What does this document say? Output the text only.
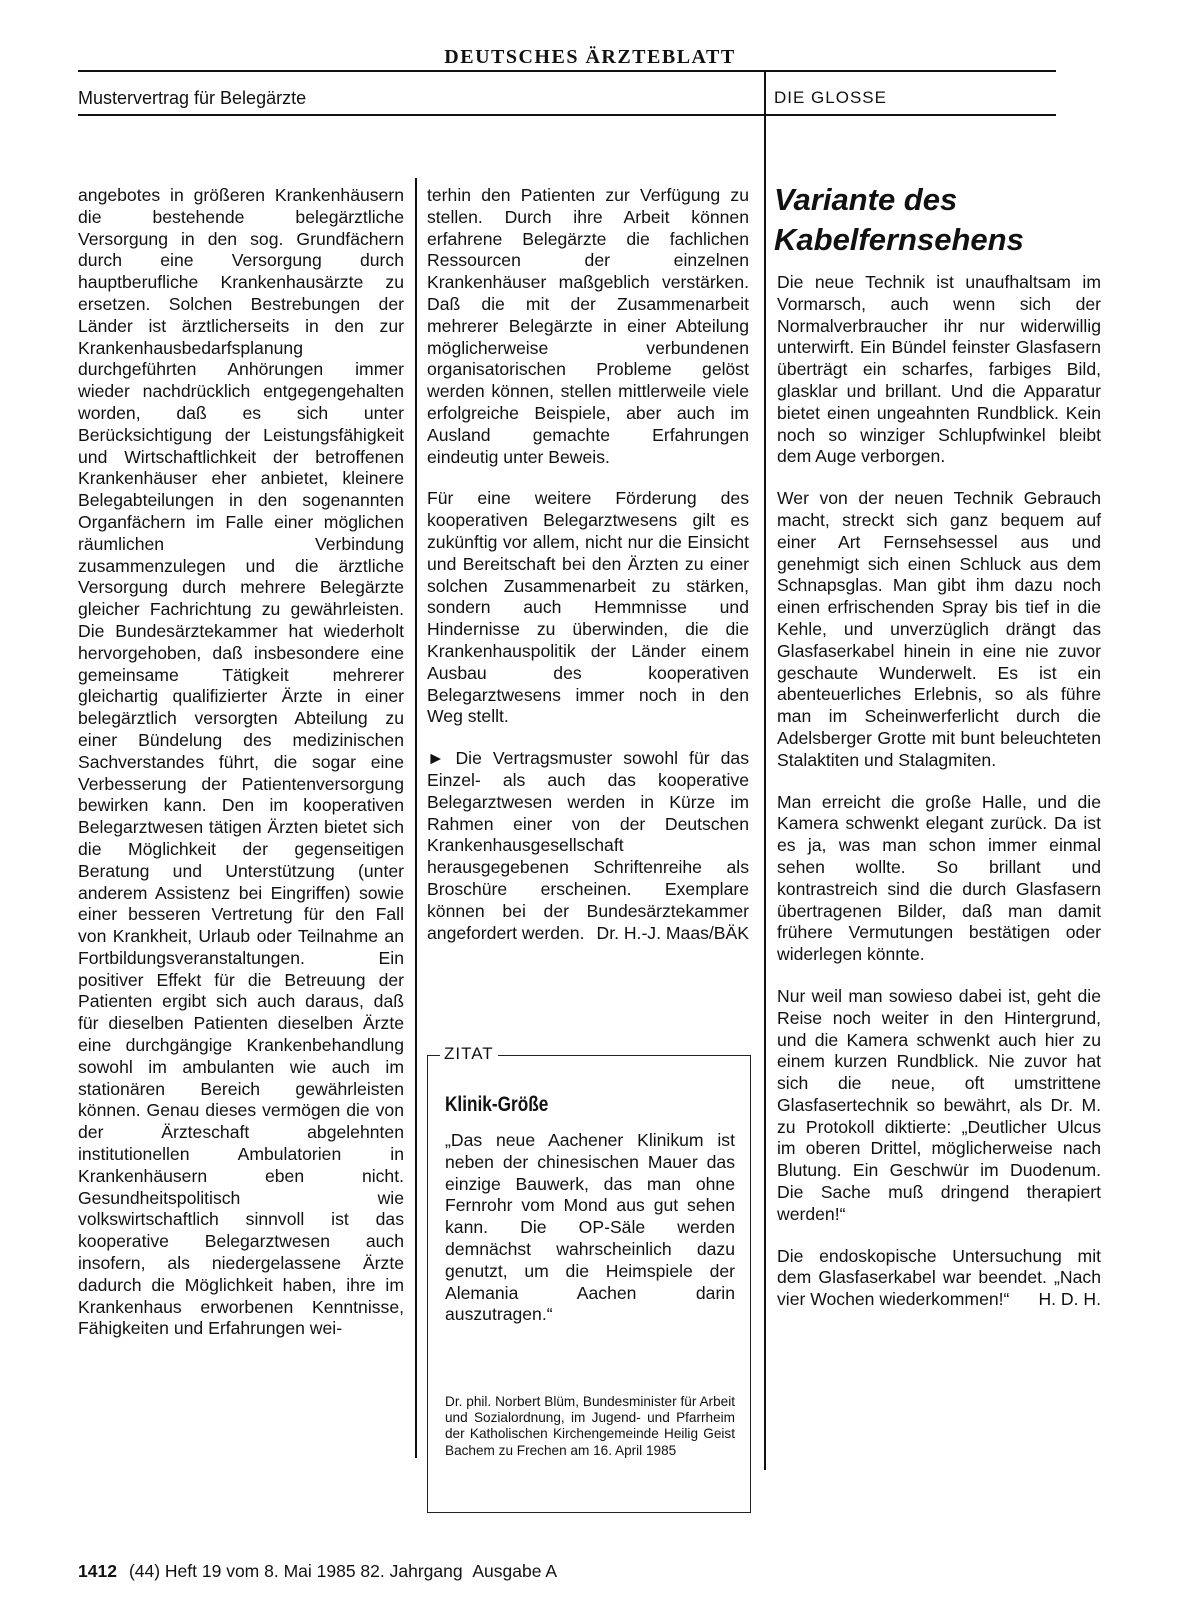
DEUTSCHES ÄRZTEBLATT
Mustervertrag für Belegärzte	DIE GLOSSE

angebotes in größeren Krankenhäusern die bestehende belegärztliche Versorgung in den sog. Grundfächern durch eine Versorgung durch hauptberufliche Krankenhausärzte zu ersetzen. Solchen Bestrebungen der Länder ist ärztlicherseits in den zur Krankenhausbedarfsplanung durchgeführten Anhörungen immer wieder nachdrücklich entgegengehalten worden, daß es sich unter Berücksichtigung der Leistungsfähigkeit und Wirtschaftlichkeit der betroffenen Krankenhäuser eher anbietet, kleinere Belegabteilungen in den sogenannten Organfächern im Falle einer möglichen räumlichen Verbindung zusammenzulegen und die ärztliche Versorgung durch mehrere Belegärzte gleicher Fachrichtung zu gewährleisten. Die Bundesärztekammer hat wiederholt hervorgehoben, daß insbesondere eine gemeinsame Tätigkeit mehrerer gleichartig qualifizierter Ärzte in einer belegärztlich versorgten Abteilung zu einer Bündelung des medizinischen Sachverstandes führt, die sogar eine Verbesserung der Patientenversorgung bewirken kann. Den im kooperativen Belegarztwesen tätigen Ärzten bietet sich die Möglichkeit der gegenseitigen Beratung und Unterstützung (unter anderem Assistenz bei Eingriffen) sowie einer besseren Vertretung für den Fall von Krankheit, Urlaub oder Teilnahme an Fortbildungsveranstaltungen. Ein positiver Effekt für die Betreuung der Patienten ergibt sich auch daraus, daß für dieselben Patienten dieselben Ärzte eine durchgängige Krankenbehandlung sowohl im ambulanten wie auch im stationären Bereich gewährleisten können. Genau dieses vermögen die von der Ärzteschaft abgelehnten institutionellen Ambulatorien in Krankenhäusern eben nicht. Gesundheitspolitisch wie volkswirtschaftlich sinnvoll ist das kooperative Belegarztwesen auch insofern, als niedergelassene Ärzte dadurch die Möglichkeit haben, ihre im Krankenhaus erworbenen Kenntnisse, Fähigkeiten und Erfahrungen wei-

terhin den Patienten zur Verfügung zu stellen. Durch ihre Arbeit können erfahrene Belegärzte die fachlichen Ressourcen der einzelnen Krankenhäuser maßgeblich verstärken. Daß die mit der Zusammenarbeit mehrerer Belegärzte in einer Abteilung möglicherweise verbundenen organisatorischen Probleme gelöst werden können, stellen mittlerweile viele erfolgreiche Beispiele, aber auch im Ausland gemachte Erfahrungen eindeutig unter Beweis.

Für eine weitere Förderung des kooperativen Belegarztwesens gilt es zukünftig vor allem, nicht nur die Einsicht und Bereitschaft bei den Ärzten zu einer solchen Zusammenarbeit zu stärken, sondern auch Hemmnisse und Hindernisse zu überwinden, die die Krankenhauspolitik der Länder einem Ausbau des kooperativen Belegarztwesens immer noch in den Weg stellt.

► Die Vertragsmuster sowohl für das Einzel- als auch das kooperative Belegarztwesen werden in Kürze im Rahmen einer von der Deutschen Krankenhausgesellschaft herausgegebenen Schriftenreihe als Broschüre erscheinen. Exemplare können bei der Bundesärztekammer angefordert werden. Dr. H.-J. Maas/BÄK

ZITAT
Klinik-Größe
„Das neue Aachener Klinikum ist neben der chinesischen Mauer das einzige Bauwerk, das man ohne Fernrohr vom Mond aus gut sehen kann. Die OP-Säle werden demnächst wahrscheinlich dazu genutzt, um die Heimspiele der Alemania Aachen darin auszutragen.“
Dr. phil. Norbert Blüm, Bundesminister für Arbeit und Sozialordnung, im Jugend- und Pfarrheim der Katholischen Kirchengemeinde Heilig Geist Bachem zu Frechen am 16. April 1985
Variante des
Kabelfernsehens

Die neue Technik ist unaufhaltsam im Vormarsch, auch wenn sich der Normalverbraucher ihr nur widerwillig unterwirft. Ein Bündel feinster Glasfasern überträgt ein scharfes, farbiges Bild, glasklar und brillant. Und die Apparatur bietet einen ungeahnten Rundblick. Kein noch so winziger Schlupfwinkel bleibt dem Auge verborgen.

Wer von der neuen Technik Gebrauch macht, streckt sich ganz bequem auf einer Art Fernsehsessel aus und genehmigt sich einen Schluck aus dem Schnapsglas. Man gibt ihm dazu noch einen erfrischenden Spray bis tief in die Kehle, und unverzüglich drängt das Glasfaserkabel hinein in eine nie zuvor geschaute Wunderwelt. Es ist ein abenteuerliches Erlebnis, so als führe man im Scheinwerferlicht durch die Adelsberger Grotte mit bunt beleuchteten Stalaktiten und Stalagmiten.

Man erreicht die große Halle, und die Kamera schwenkt elegant zurück. Da ist es ja, was man schon immer einmal sehen wollte. So brillant und kontrastreich sind die durch Glasfasern übertragenen Bilder, daß man damit frühere Vermutungen bestätigen oder widerlegen könnte.

Nur weil man sowieso dabei ist, geht die Reise noch weiter in den Hintergrund, und die Kamera schwenkt auch hier zu einem kurzen Rundblick. Nie zuvor hat sich die neue, oft umstrittene Glasfasertechnik so bewährt, als Dr. M. zu Protokoll diktierte: „Deutlicher Ulcus im oberen Drittel, möglicherweise nach Blutung. Ein Geschwür im Duodenum. Die Sache muß dringend therapiert werden!“

Die endoskopische Untersuchung mit dem Glasfaserkabel war beendet. „Nach vier Wochen wiederkommen!“ H. D. H.

1412 (44) Heft 19 vom 8. Mai 1985 82. Jahrgang Ausgabe A
